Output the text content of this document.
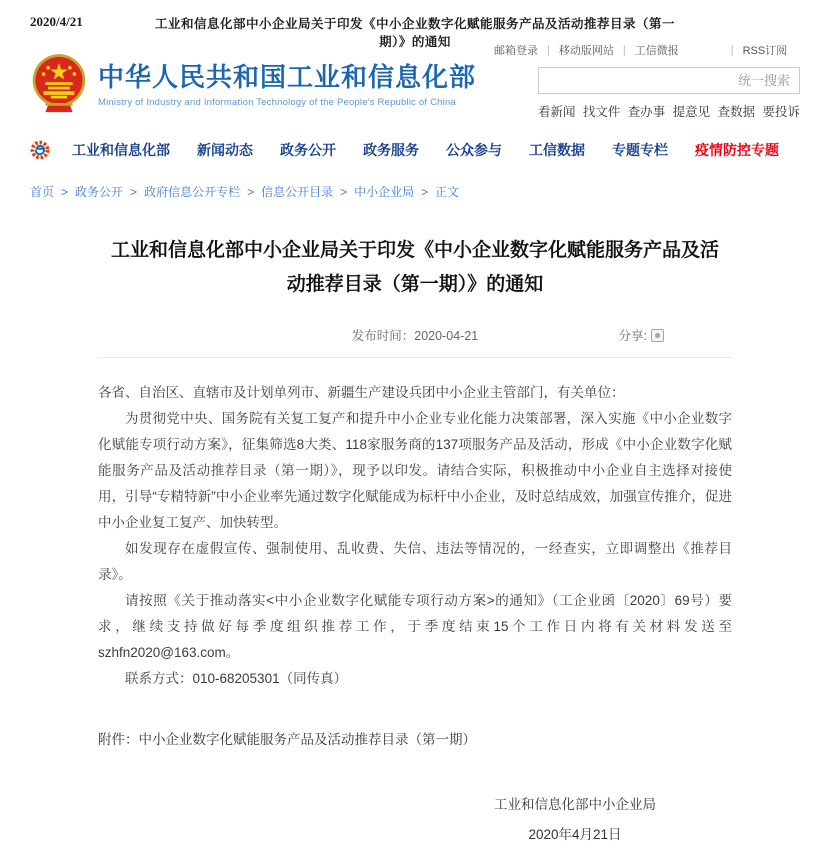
2020/4/21	工业和信息化部中小企业局关于印发《中小企业数字化赋能服务产品及活动推荐目录（第一期）》的通知
中华人民共和国工业和信息化部
Ministry of Industry and Information Technology of the People's Republic of China
邮箱登录 | 移动版网站 | 工信微报	| RSS订阅
统一搜索
看新闻 找文件 查办事 提意见 查数据 要投诉
工业和信息化部 新闻动态 政务公开 政务服务 公众参与 工信数据 专题专栏 疫情防控专题
首页 > 政务公开 > 政府信息公开专栏 > 信息公开目录 > 中小企业局 > 正文
工业和信息化部中小企业局关于印发《中小企业数字化赋能服务产品及活动推荐目录（第一期）》的通知
发布时间：2020-04-21	分享:

各省、自治区、直辖市及计划单列市、新疆生产建设兵团中小企业主管部门，有关单位：

为贯彻党中央、国务院有关复工复产和提升中小企业专业化能力决策部署，深入实施《中小企业数字化赋能专项行动方案》，征集筛选8大类、118家服务商的137项服务产品及活动，形成《中小企业数字化赋能服务产品及活动推荐目录（第一期）》，现予以印发。请结合实际，积极推动中小企业自主选择对接使用，引导“专精特新”中小企业率先通过数字化赋能成为标杆中小企业，及时总结成效，加强宣传推介，促进中小企业复工复产、加快转型。

如发现存在虚假宣传、强制使用、乱收费、失信、违法等情况的，一经查实，立即调整出《推荐目录》。

请按照《关于推动落实<中小企业数字化赋能专项行动方案>的通知》（工企业函〔2020〕69号）要求，继续支持做好每季度组织推荐工作，于季度结束15个工作日内将有关材料发送至szhfn2020@163.com。

联系方式：010-68205301（同传真）

附件：中小企业数字化赋能服务产品及活动推荐目录（第一期）
工业和信息化部中小企业局
2020年4月21日
